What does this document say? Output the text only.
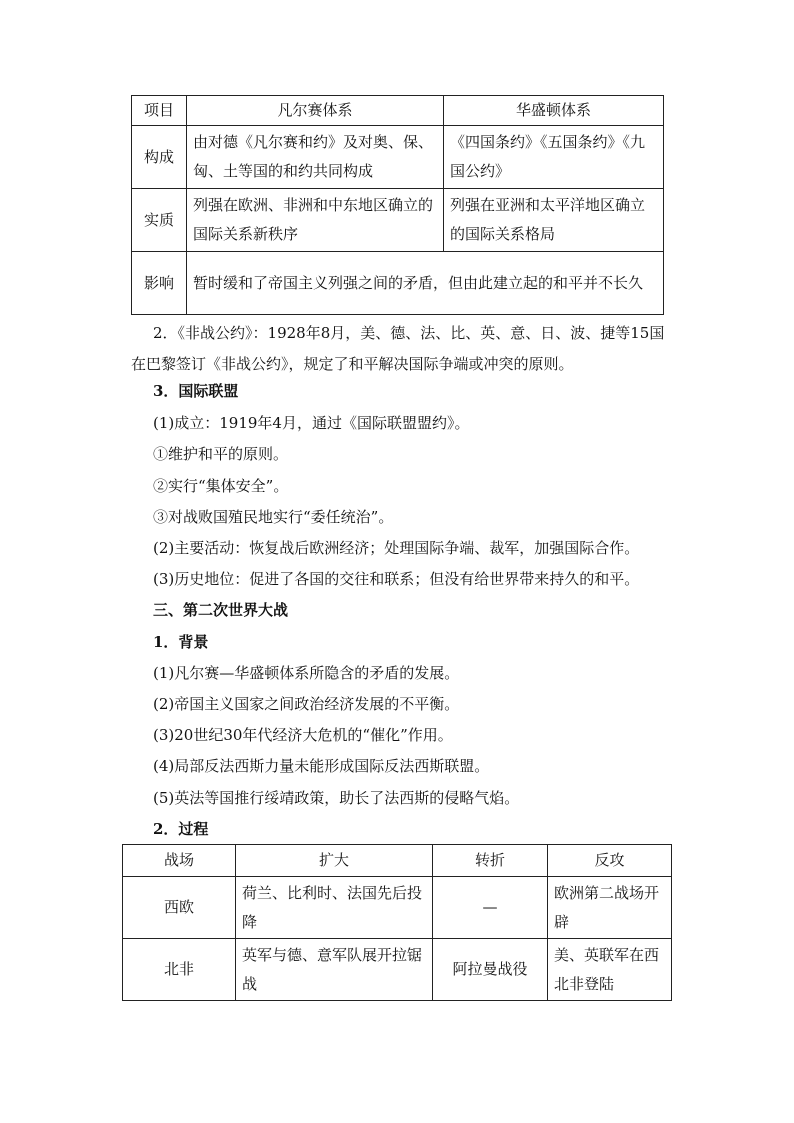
项目	凡尔赛体系	华盛顿体系
构成	由对德《凡尔赛和约》及对奥、保、匈、土等国的和约共同构成	《四国条约》《五国条约》《九国公约》
实质	列强在欧洲、非洲和中东地区确立的国际关系新秩序	列强在亚洲和太平洋地区确立的国际关系格局
影响	暂时缓和了帝国主义列强之间的矛盾，但由此建立起的和平并不长久	
2．《非战公约》：1928年8月，美、德、法、比、英、意、日、波、捷等15国在巴黎签订《非战公约》，规定了和平解决国际争端或冲突的原则。
3．国际联盟
(1)成立：1919年4月，通过《国际联盟盟约》。
①维护和平的原则。
②实行“集体安全”。
③对战败国殖民地实行“委任统治”。
(2)主要活动：恢复战后欧洲经济；处理国际争端、裁军，加强国际合作。
(3)历史地位：促进了各国的交往和联系；但没有给世界带来持久的和平。
三、第二次世界大战
1．背景
(1)凡尔赛—华盛顿体系所隐含的矛盾的发展。
(2)帝国主义国家之间政治经济发展的不平衡。
(3)20世纪30年代经济大危机的“催化”作用。
(4)局部反法西斯力量未能形成国际反法西斯联盟。
(5)英法等国推行绥靖政策，助长了法西斯的侵略气焰。
2．过程
战场	扩大	转折	反攻
西欧	荷兰、比利时、法国先后投降	—	欧洲第二战场开辟
北非	英军与德、意军队展开拉锯战	阿拉曼战役	美、英联军在西北非登陆
